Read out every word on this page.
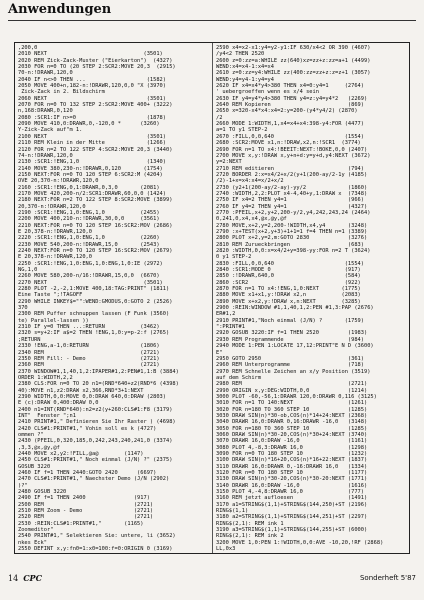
Anwendungen
,200,0
2010 NEXT                              (3501)
2020 REM Zick-Zack-Muster ("Eierkarton")  (4327)
2030 FOR n=0 TO (20 STEP 2:SCR2:MOVE 20,3  (2915)
70-n:!DRAWR,120,0
2040 IF n<>0 THEN ...                   (1582)
2050 MOVE 400+n,182-n:!DRAWR,120,0,0 "X (3970)
Zick-Zack in 2. Bildschirm
2060 NEXT                               (3501)
2070 FOR n=0 TO 132 STEP 2:SCR2:MOVE 400+ (3222)
n,168:DRAWR,0,120
2080 :SCR1:IF n>=0                      (1878)
2090 MOVE 410,0:DRAWR,0,-120,0 *      (3260)
Y-Zick-Zack auf"m 1.
2100 NEXT                               (3501)
2110 REM Klein in der Mitte             (1266)
2120 FOR n=2 TO 122 STEP 4:SCR2:MOVE 20,3 (3440)
74-n:!DRAWR,120,0
2130 :SCR1:!ENG,1,0                     (1340)
2140 MOVE 380,230-n:!DRAWR,0,120       (1754)
2150 NEXT:FOR n=0 TO 120 STEP 6:SCR2:M (4204)
OVE 20,370-n:!DRAWR,120,0
2160 :SCR1:!ENG,0,1:DRAWR,0,3,0       (2081)
2170 MOVE 420,200-n/2:SCR1:DRAWR,60,0,0 (1424)
2180 NEXT:FOR n=2 TO 122 STEP 8:SCR2:MOVE (3899)
20,370-n:!DRAWR,120,0
2190 :SCR1:!ENG,1,0:ENG,1,0           (2455)
2200 MOVE 400,210-n:!DRAWR,30,0,0     (3561)
2210 NEXT:FOR n=0 TO 120 STEP 16:SCR2:MOV (2686)
E 20,378-n:!DRAWR,120,0
2220 :SCR1:!ENG,1,0:ENG,1,0           (2260)
2230 MOVE 540,200-n:!DRAWR,15,0       (2543)
2240 NEXT:FOR n=0 TO 120 STEP 16:SCR2:MOV (2679)
E 20,378-n:!DRAWR,120,0
2250 :SCR1:!ENG,1,0:ENG,1,0:ENG,1,0:IE (2972)
NG,1,0
2260 MOVE 580,200-n/16:!DRAWR,15,0,0  (6670)
2270 NEXT                              (3501)
2280 PLOT -2,-2,1:MOVE 400,18:TAG:PRINT" (1811)
Eine Taste ";!TAGOFF
2290 WHILE INKEY$="":WEND:GMODUS,0:GOTO 2 (2526)
370
2300 REM Puffer schnuppen lassen (F Funk (3560)
te) Parallel-lassen ))
2310 IF y=0 THEN ...:RETURN           (3462)
2320 s=y+2:IF a$=2 THEN !ENG,1,0:y=p-2:f (2765)
;RETURN
2330 !ENG,a-1,0:RETURN                (1806)
2340 REM                              (2721)
2350 REM Fill: - Demo                 (2721)
2360 REM                              (2721)
2370 WINDOW#1,1,40,1,2:IPAPER#1,2:PEN#1,1:B (3884)
ORDER 1:WIDTH,2,2
2380 CLS:FOR n=0 TO 20 n1=(RND*640+z2(RND*6 (4398)
40):MOVE n1,z2:DRAW x2,366,RND*3+1:NEXT
2390 WIDTH,0,0:MOVE 0,0:DRAW 640,0:DRAW (2803)
E (c):DRAW 0,400:DRAW 0,0
2400 n1=INT(RND*640):n2=z2(y+260:CLS#1:F8 (3179)
INT"  Fenster ";n1
2410 PRINT#1," Definieren Sie Ihr Raster ) (4698)
2420 CLS#1:PRINT#1," Vohin soll es k (4727)
ommen ?"
2430 (PFEIL,0,320,185,0,242,243,240,241,0 (3374)
,3,3,@x,@y,@f
2440 MOVE x2,y2:!FILL,@a@        (1147)
2450 CLS#1:PRINT#1," Noch einmal (J/N) ?" (2375)
GOSUB 3220
2460 IF f=1 THEN 2440:GOTO 2420      (6697)
2470 CLS#1:PRINT#1," Naechster Demo (J/N (2902)
)?"
2480 GOSUB 3220
2490 IF f=1 THEN 2400               (917)
2500 REM                            (2721)
2510 REM Zoom - Demo                (2721)
2520 REM                            (2721)
2530 :REIN:CLS#1:PRINT#1,"       (1165)
Zoomeditor"
2540 PRINT#1," Selektieren Sie: untere, li (3652)
nkes Eck"
2550 DEFINT x,y:fn0=1:x0=100:f=0:ORIGIN 0 (3169)
2590 x4=x2-x1:y4=y2-y1:IF 630/x4<2 OR 390 (4607)
/y4<2 THEN 2520
2600 z=0:zz=a:WHILE zz(640)xz=zz+z:zz=a+1 (4499)
WEND:x4=x4-1:x4=x4
2610 z=0:zz=y4:WHILE zz(400:zz=zz+z:z=z+1 (3057)
WEND:y4=y4-1:y4=y4
2620 IF x4=x4*y4>380 THEN x4=0:y4=1     (2764)
' uebergroeffen wenn es x/4 sein
2630 IF y4=y4*y4>380 THEN y4=z:y4=y4*2   (2269)
2640 REM Kopieren                        (869)
2650 x=320-x4*x4:x4=2:y=200-(y4*y4/2) (2870)
/2
2660 MODE 1:WIDTH,1,x4=x4+x4:398-y4:FOR (4477)
a=1 TO y1 STEP-2
2670 :FILL,0,0,640                      (1554)
2680 :SCR2:MOVE x1,n:!DRAW,x2,n:!SCR1  (3774)
2690 FOR n=1 TO x4:!BEEIT:NEXT:!BOKE,0,0 (2407)
2700 MOVE x,y:!DRAW x,y+n+d:y=y+d,y4:NEXT (3672)
y=2:NEXT
2710 REM editieren                       (794)
2720 BORDER 2:x=x4/2+x/2(y+1(200-ay/2-1y (4185)
/2)-1+x=x4:x4=x/2+x/2
2730 (y2+1(200-ay/2-ay)-yy/2             (1860)
2740 :WIDTH,2,2:PLOT x4-4,40+y,1:DRAW x  (7348)
2750 IF x4=2 THEN y4=1                   (966)
2760 IF y4=2 THEN y4=1                   (4327)
2770 :PFEIL,x+2,y+2,200-y/2,y4,242,243,24 (2464)
0,241,0,x4,x4,@x,@y,@f
2780 MOVE,x+2,y=2,200-!WIDTH,x4,y4       (3248)
2790 :x+TEST(x+2,y+3)+1+1=1 f=4 THEN n=1 (3389)
2800 PLOT x+2,y=2,m:GOTO 2830            (3276)
2810 REM Zurueckbringen                  (683)
2820 :WIDTH,0,0:x=x4/2+y=398-yy:FOR n=2 T (3624)
0 y1 STEP-2
2830 :FILL,0,0,640                      (1554)
2840 :SCR1:MODE 0                       (917)
2850 :!DRAWR,640,0                      (584)
2860 :SCR2                              (922)
2870 FOR n=1 TO x4:!ENG,1,0:NEXT       (1775)
2880 MOVE x1+x1,y:!DRAW x2,n           (2083)
2890 MOVE x+x2,y:!DRAW x,n:NEXT        (3285)
2900 :REIN:WINDOW #1,1,40,1,2:PEN #1,3:PAP (2676)
ER#1,2
2910 PRINT#1,"Noch einmal (J/N) ?       (1759)
":PRINT#1
2920 GOSUB 3220:IF f=1 THEN 2520         (1983)
2930 REM Programmende                    (984)
2940 MODE 1:PEN 1:LOCATE 17,12:PRINT"E N D (3600)
E"
2950 GOTO 2950                           (361)
2960 REM Unterprogramme                  (718)
2970 REM Schnelle Zeichen an x/y Position (3519)
auf dem Schirm
2980 REM                                 (2721)
2990 ORIGIN x,y:DEG:WIDTH,0,0            (1214)
3000 PLOT -60,-56,1:DRAWR 120,0:DRAWR 0,116 (3125)
3010 FOR n=1 TO 140:NEXT                 (1261)
3020 FOR n=180 TO 360 STEP 10            (1285)
3030 DRAW SIN(n)*30-ob,COS(n)*14+24:NEXT (2368)
3040 DRAWR 16,0:DRAWR 0,16:DRAWR -16,0   (3148)
3050 FOR n=180 TO 360 STEP 10            (1285)
3060 DRAW SIN(n)*30-20,COS(n)*30+24:NEXT (3740)
3070 DRAWR 16,0:DRAW -16,0               (1161)
3080 PLOT 4,-8,3:DRAWR 16,0              (1298)
3090 FOR n=0 TO 180 STEP 10              (1232)
3100 DRAW SIN(n)*16+20,COS(n)*16+22:NEXT (1837)
3110 DRAWR 16,0:DRAWR 0,-16:DRAWR 16,0   (1334)
3120 FOR n=0 TO 180 STEP 10              (1177)
3130 DRAW SIN(n)*30-20,COS(n)*30-20:NEXT (1771)
3140 DRAWR 16,0:DRAW -16,0               (1616)
3150 PLOT 4,-4,8:DRAWR 16,0              (777)
3160 REM jetzt aufloesen                 (1491)
3170 a1=STRING$(1,1)+STRING$(144,250)+ST (2196)
RING$(1,1)
3180 a2=STRING$(1,1)+STRING$(144,251)+ST (2297)
RING$(2,1): REM ink 1
3190 a3=STRING$(1,1)+STRING$(144,255)+ST (6000)
RING$(2,1): REM ink 2
3200 MOVE 1,0:PEN 1:!WIDTH,0,0:AVE -10,20,!RF (2868)
LL,0x3
14 CPC	Sonderheft 5'87
